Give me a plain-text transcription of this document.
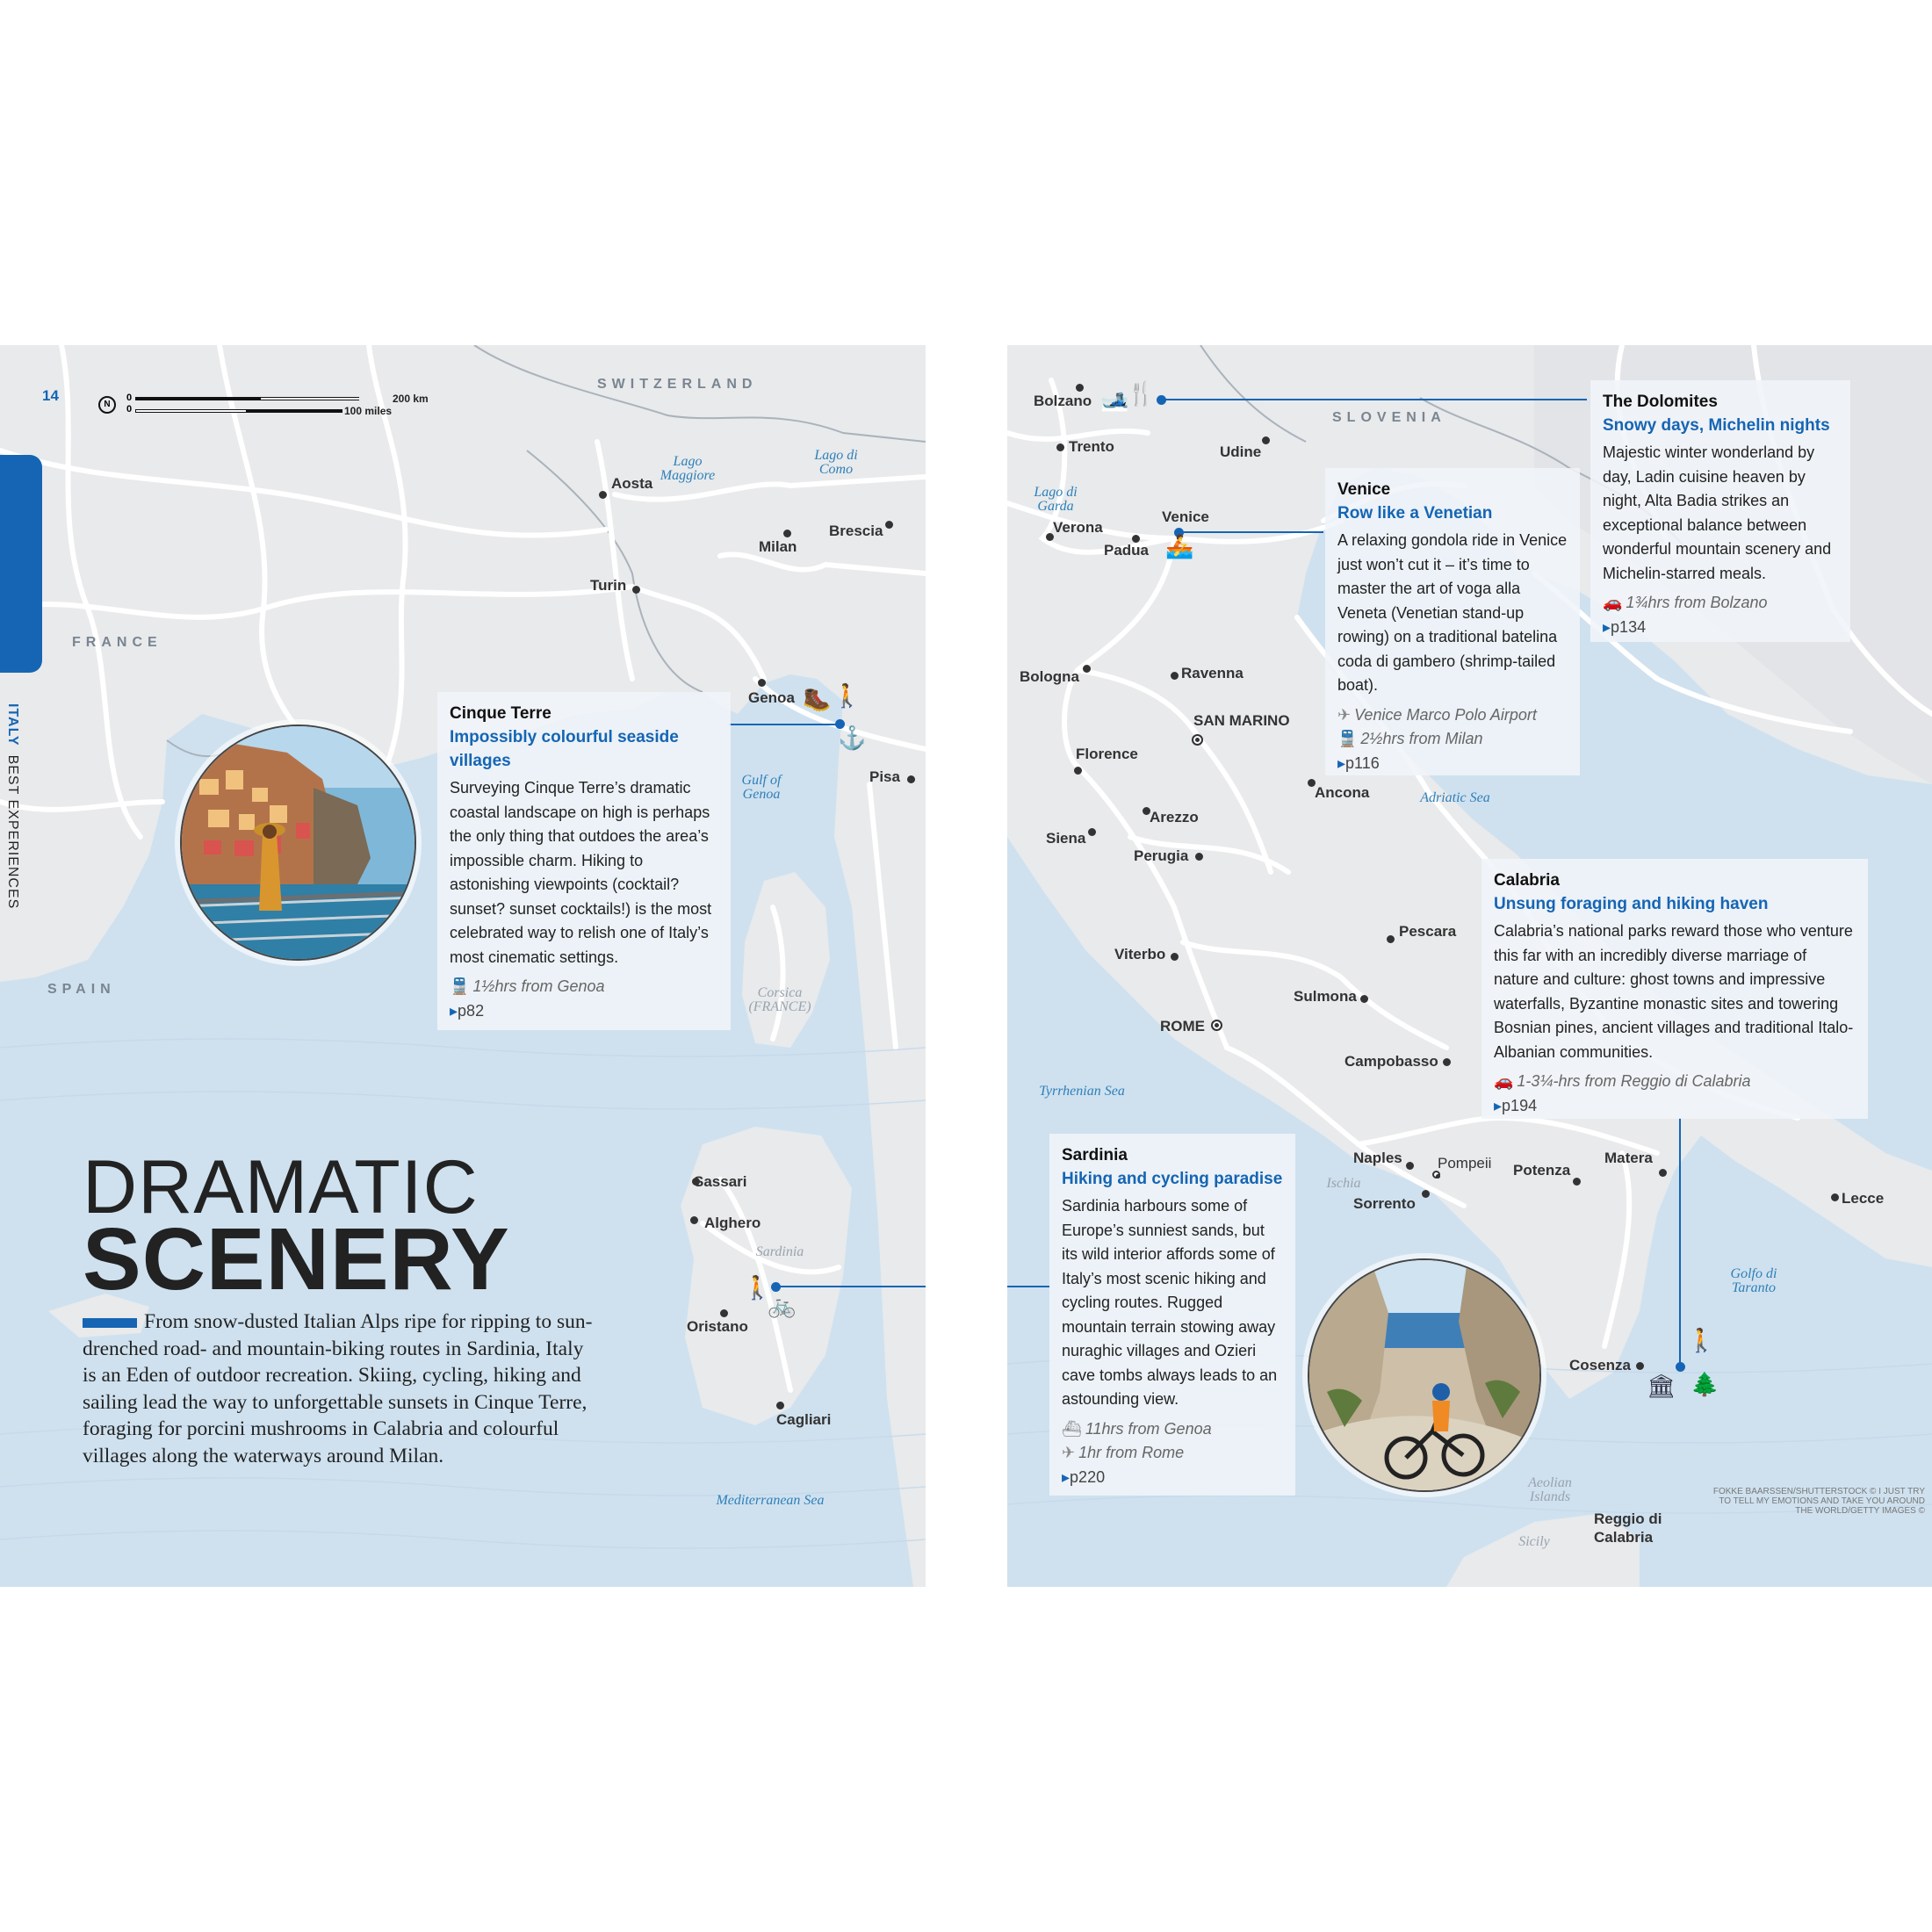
14
N
0
0
200 km
100 miles
ITALYBEST EXPERIENCES
SWITZERLAND
FRANCE
SPAIN
Lago Maggiore
Lago di Como
Gulf of Genoa
Mediterranean Sea
Corsica (FRANCE)
Sardinia
Aosta
Milan
Brescia
Turin
Genoa
Pisa
Sassari
Alghero
Oristano
Cagliari
🥾 🚶
⚓
🚶
🚲
Cinque Terre
Impossibly colourful seaside villages

Surveying Cinque Terre’s dramatic coastal landscape on high is perhaps the only thing that outdoes the area’s impossible charm. Hiking to astonishing viewpoints (cocktail? sunset? sunset cocktails!) is the most celebrated way to relish one of Italy’s most cinematic settings.

🚆 1½hrs from Genoa
▸ p82
DRAMATIC
SCENERY
From snow-dusted Italian Alps ripe for ripping to sun-drenched road- and mountain-biking routes in Sardinia, Italy is an Eden of outdoor recreation. Skiing, cycling, hiking and sailing lead the way to unforgettable sunsets in Cinque Terre, foraging for porcini mushrooms in Calabria and colourful villages along the waterways around Milan.
SLOVENIA
Lago di Garda
Adriatic Sea
Tyrrhenian Sea
Golfo di Taranto
Ischia
Aeolian Islands
Sicily
Bolzano
Trento	Udine
Verona
Padua
Venice
Bologna	Ravenna
SAN MARINO
Florence
Ancona
Arezzo
Siena
Perugia
Pescara
Viterbo
Sulmona
ROME
Campobasso
Naples Pompeii
Sorrento
Potenza
Matera
Lecce
Cosenza
Reggio di Calabria
🎿
🍴
🚣
🚶
🏛 🌲
Venice
Row like a Venetian

A relaxing gondola ride in Venice just won’t cut it – it’s time to master the art of voga alla Veneta (Venetian stand-up rowing) on a traditional batelina coda di gambero (shrimp-tailed boat).

✈ Venice Marco Polo Airport
🚆 2½hrs from Milan
▸ p116
The Dolomites
Snowy days, Michelin nights

Majestic winter wonderland by day, Ladin cuisine heaven by night, Alta Badia strikes an exceptional balance between wonderful mountain scenery and Michelin-starred meals.

🚗 1¾hrs from Bolzano
▸ p134
Calabria
Unsung foraging and hiking haven

Calabria’s national parks reward those who venture this far with an incredibly diverse marriage of nature and culture: ghost towns and impressive waterfalls, Byzantine monastic sites and towering Bosnian pines, ancient villages and traditional Italo-Albanian communities.

🚗 1-3¼-hrs from Reggio di Calabria
▸ p194
Sardinia
Hiking and cycling paradise

Sardinia harbours some of Europe’s sunniest sands, but its wild interior affords some of Italy’s most scenic hiking and cycling routes. Rugged mountain terrain stowing away nuraghic villages and Ozieri cave tombs always leads to an astounding view.

⛴ 11hrs from Genoa
✈ 1hr from Rome
▸ p220
FOKKE BAARSSEN/SHUTTERSTOCK © I JUST TRY TO TELL MY EMOTIONS AND TAKE YOU AROUND THE WORLD/GETTY IMAGES ©
